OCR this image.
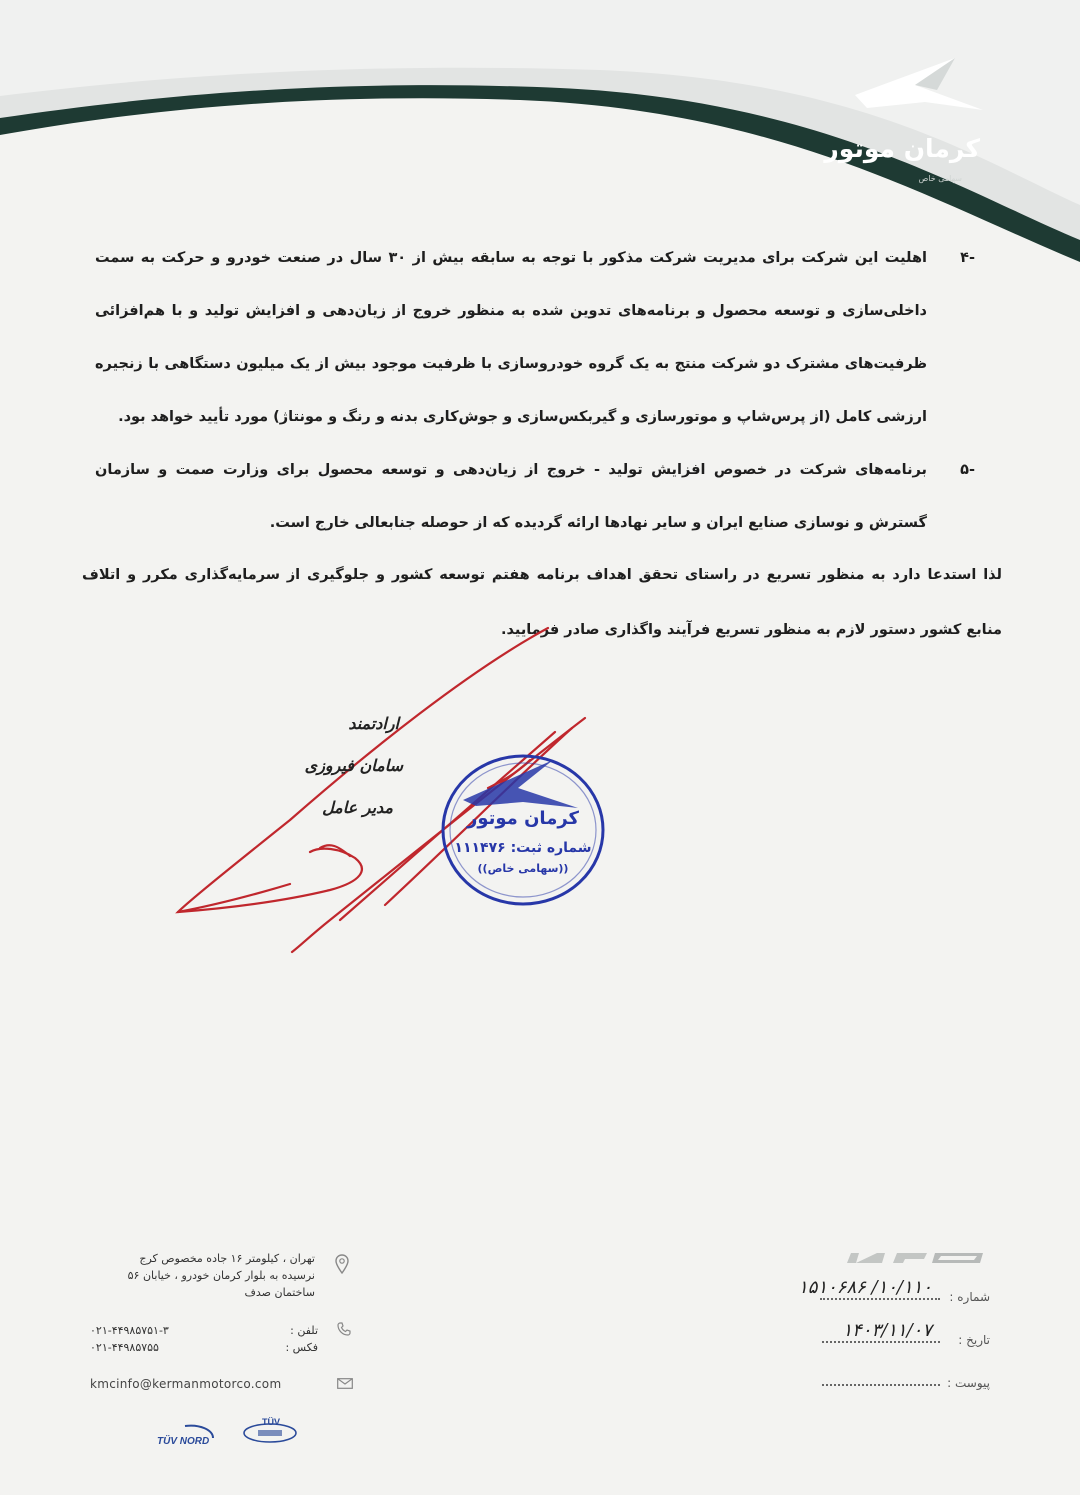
کرمان موتور
سهامی خاص

-۴
اهلیت این شرکت برای مدیریت شرکت مذکور با توجه به سابقه بیش از ۳۰ سال در صنعت خودرو و حرکت به سمت داخلی‌سازی و توسعه محصول و برنامه‌های تدوین شده به منظور خروج از زیان‌دهی و افزایش تولید و با هم‌افزائی ظرفیت‌های مشترک دو شرکت منتج به یک گروه خودروسازی با ظرفیت موجود بیش از یک میلیون دستگاهی با زنجیره ارزشی کامل (از پرس‌شاپ و موتورسازی و گیربکس‌سازی و جوش‌کاری بدنه و رنگ و مونتاژ) مورد تأیید خواهد بود.

-۵
برنامه‌های شرکت در خصوص افزایش تولید - خروج از زیان‌دهی و توسعه محصول برای وزارت صمت و سازمان گسترش و نوسازی صنایع ایران و سایر نهادها ارائه گردیده که از حوصله جنابعالی خارج است.

لذا استدعا دارد به منظور تسریع در راستای تحقق اهداف برنامه هفتم توسعه کشور و جلوگیری از سرمایه‌گذاری مکرر و اتلاف منابع کشور دستور لازم به منظور تسریع فرآیند واگذاری صادر فرمایید.

ارادتمند
سامان فیروزی
مدیر عامل
کرمان موتور
شماره ثبت: ۱۱۱۴۷۶
((سهامی خاص))
تهران ، کیلومتر ۱۶ جاده مخصوص کرج
نرسیده به بلوار کرمان خودرو ، خیابان ۵۶
ساختمان صدف
تلفن :
۰۲۱-۴۴۹۸۵۷۵۱-۳
فکس :
۰۲۱-۴۴۹۸۵۷۵۵
kmcinfo@kermanmotorco.com
TÜV NORD
TÜV
شماره :
۱۰/۱۱۰/ ۱۵۱۰۶۸۶
تاریخ :
۱۴۰۳/۱۱/۰۷
پیوست :
